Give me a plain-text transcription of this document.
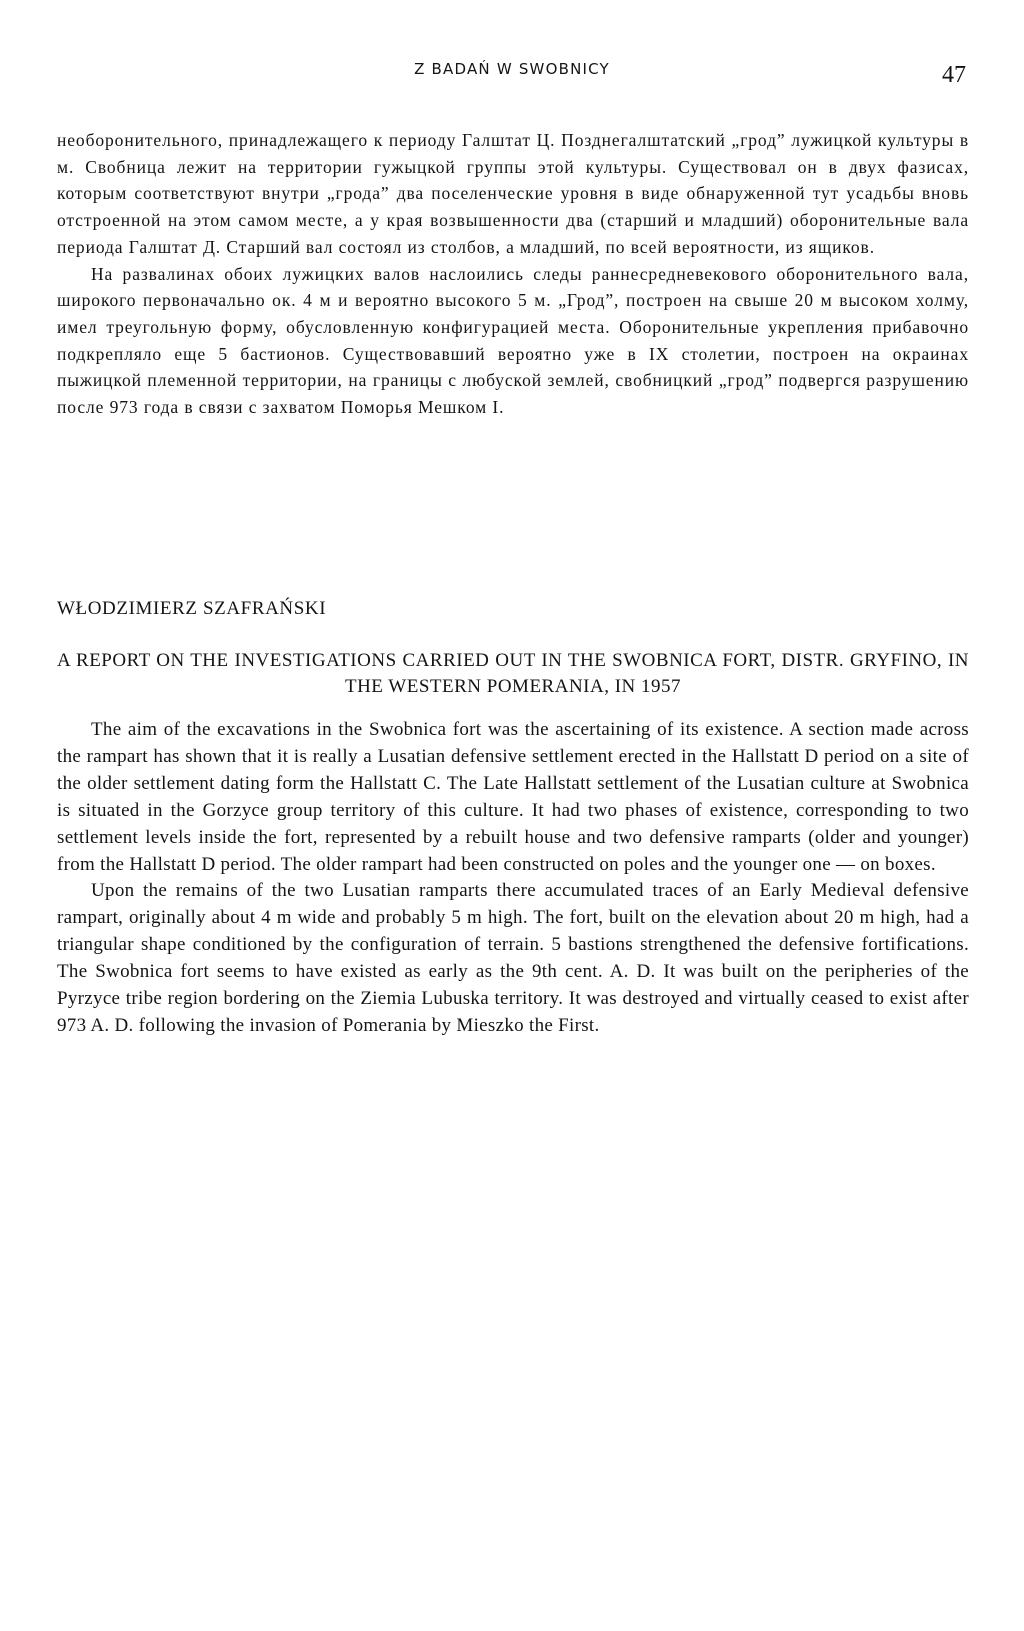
Z BADAŃ W SWOBNICY	47

необоронительного, принадлежащего к периоду Галштат Ц. Позднегалштатский „грод” лужицкой культуры в м. Свобница лежит на территории гужыцкой группы этой культуры. Существовал он в двух фазисах, которым соответствуют внутри „грода” два поселенческие уровня в виде обнаруженной тут усадьбы вновь отстроенной на этом самом месте, а у края возвышенности два (старший и младший) оборонительные вала периода Галштат Д. Старший вал состоял из столбов, а младший, по всей вероятности, из ящиков.

На развалинах обоих лужицких валов наслоились следы раннесредневекового оборонительного вала, широкого первоначально ок. 4 м и вероятно высокого 5 м. „Грод”, построен на свыше 20 м высоком холму, имел треугольную форму, обусловленную конфигурацией места. Оборонительные укрепления прибавочно подкрепляло еще 5 бастионов. Существовавший вероятно уже в IX столетии, построен на окраинах пыжицкой племенной территории, на границы с любуской землей, свобницкий „грод” подвергся разрушению после 973 года в связи с захватом Поморья Мешком I.

WŁODZIMIERZ SZAFRAŃSKI
A REPORT ON THE INVESTIGATIONS CARRIED OUT IN THE SWOBNICA FORT, DISTR. GRYFINO, IN THE WESTERN POMERANIA, IN 1957

The aim of the excavations in the Swobnica fort was the ascertaining of its existence. A section made across the rampart has shown that it is really a Lusatian defensive settlement erected in the Hallstatt D period on a site of the older settlement dating form the Hallstatt C. The Late Hallstatt settlement of the Lusatian culture at Swobnica is situated in the Gorzyce group territory of this culture. It had two phases of existence, corresponding to two settlement levels inside the fort, represented by a rebuilt house and two defensive ramparts (older and younger) from the Hallstatt D period. The older rampart had been constructed on poles and the younger one — on boxes.

Upon the remains of the two Lusatian ramparts there accumulated traces of an Early Medieval defensive rampart, originally about 4 m wide and probably 5 m high. The fort, built on the elevation about 20 m high, had a triangular shape conditioned by the configuration of terrain. 5 bastions strengthened the defensive fortifications. The Swobnica fort seems to have existed as early as the 9th cent. A. D. It was built on the peripheries of the Pyrzyce tribe region bordering on the Ziemia Lubuska territory. It was destroyed and virtually ceased to exist after 973 A. D. following the invasion of Pomerania by Mieszko the First.
